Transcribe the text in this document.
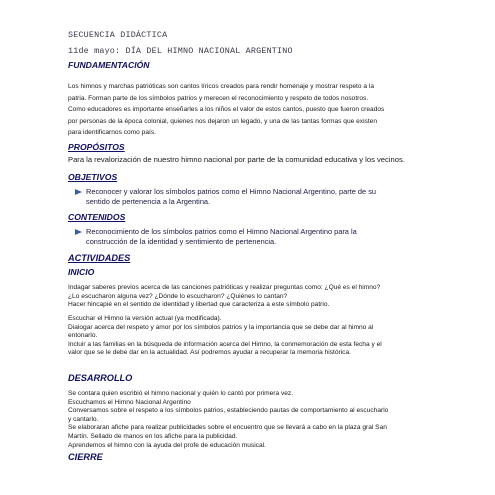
SECUENCIA DIDÁCTICA
11de mayo: DÍA DEL HIMNO NACIONAL ARGENTINO
FUNDAMENTACIÓN
Los himnos y marchas patrióticas son cantos líricos creados para rendir homenaje y mostrar respeto a la
patria. Forman parte de los símbolos patrios y merecen el reconocimiento y respeto de todos nosotros.
Como educadores es importante enseñarles a los niños el valor de estos cantos, puesto que fueron creados
por personas de la época colonial, quienes nos dejaron un legado, y una de las tantas formas que existen
para identificarnos como país.
PROPÓSITOS
Para la revalorización de nuestro himno nacional por parte de la comunidad educativa y los vecinos.
OBJETIVOS
Reconocer y valorar los símbolos patrios como el Himno Nacional Argentino, parte de su
sentido de pertenencia a la Argentina.
CONTENIDOS
Reconocimiento de los símbolos patrios como el Himno Nacional Argentino para la
construcción de la identidad y sentimiento de pertenencia.
ACTIVIDADES
INICIO
Indagar saberes previos acerca de las canciones patrióticas y realizar preguntas como: ¿Qué es el himno?
¿Lo escucharon alguna vez? ¿Dónde lo escucharon? ¿Quiénes lo cantan?
Hacer hincapié en el sentido de identidad y libertad que caracteriza a este símbolo patrio.
Escuchar el Himno la versión actual (ya modificada).
Dialogar acerca del respeto y amor por los símbolos patrios y la importancia que se debe dar al himno al
entonarlo.
Incluir a las familias en la búsqueda de información acerca del Himno, la conmemoración de esta fecha y el
valor que se le debe dar en la actualidad. Así podremos ayudar a recuperar la memoria histórica.
DESARROLLO
Se contara quien escribió el himno nacional y quién lo cantó por primera vez.
Escuchamos el Himno Nacional Argentino
Conversamos sobre el respeto a los símbolos patrios, estableciendo pautas de comportamiento al escucharlo
y cantarlo.
Se elaboraran afiche para realizar publicidades sobre el encuentro que se llevará a cabo en la plaza gral San
Martín. Sellado de manos en los afiche para la publicidad.
Aprendemos el himno con la ayuda del profe de educación musical.
CIERRE
